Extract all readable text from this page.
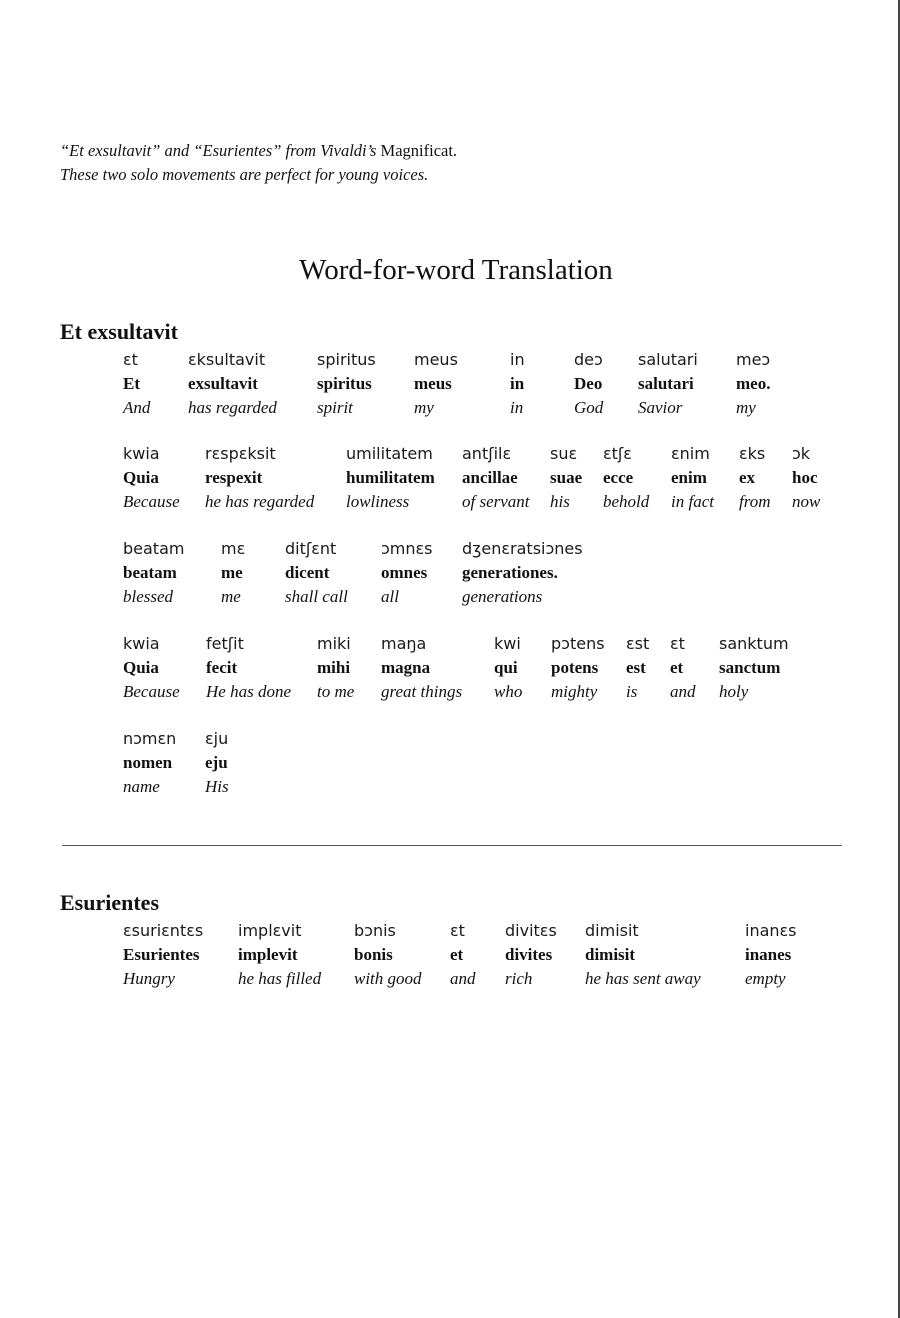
“Et exsultavit” and “Esurientes” from Vivaldi’s Magnificat.
These two solo movements are perfect for young voices.
Word-for-word Translation
Et exsultavit
ɛt
Et
And
ɛksultavit
exsultavit
has regarded
spiritus
spiritus
spirit
meus
meus
my
in
in
in
deɔ
Deo
God
salutari
salutari
Savior
meɔ
meo.
my
kwia
Quia
Because
rɛspɛksit
respexit
he has regarded
umilitatem
humilitatem
lowliness
antʃilɛ
ancillae
of servant
suɛ
suae
his
ɛtʃɛ
ecce
behold
ɛnim
enim
in fact
ɛks
ex
from
ɔk
hoc
now
beatam
beatam
blessed
mɛ
me
me
ditʃɛnt
dicent
shall call
ɔmnɛs
omnes
all
dʒenɛratsiɔnes
generationes.
generations
kwia
Quia
Because
fetʃit
fecit
He has done
miki
mihi
to me
maŋa
magna
great things
kwi
qui
who
pɔtens
potens
mighty
ɛst
est
is
ɛt
et
and
sanktum
sanctum
holy
nɔmɛn
nomen
name
ɛju
eju
His
Esurientes
ɛsuriɛntɛs
Esurientes
Hungry
implɛvit
implevit
he has filled
bɔnis
bonis
with good
ɛt
et
and
divitɛs
divites
rich
dimisit
dimisit
he has sent away
inanɛs
inanes
empty
